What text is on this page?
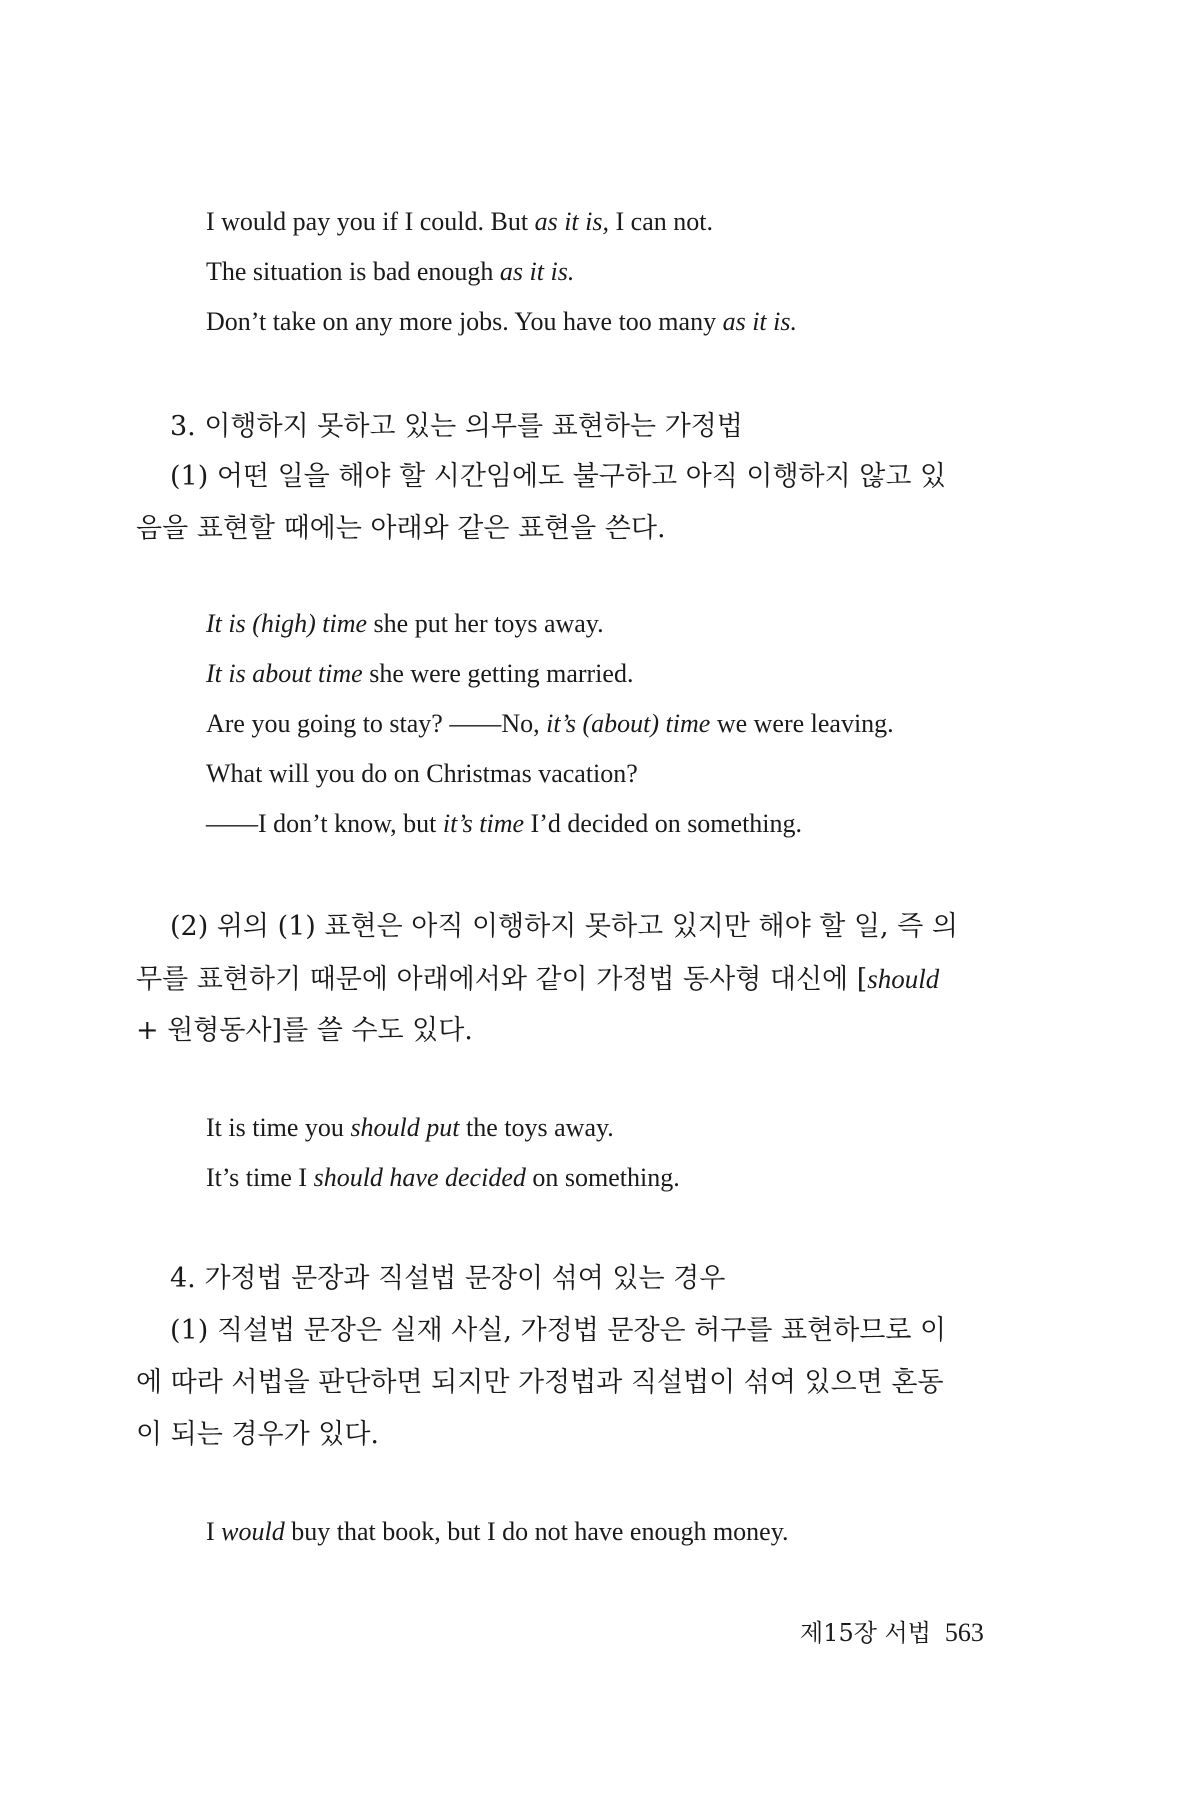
I would pay you if I could. But as it is, I can not.
The situation is bad enough as it is.
Don’t take on any more jobs. You have too many as it is.
3. 이행하지 못하고 있는 의무를 표현하는 가정법
(1) 어떤 일을 해야 할 시간임에도 불구하고 아직 이행하지 않고 있
음을 표현할 때에는 아래와 같은 표현을 쓴다.
It is (high) time she put her toys away.
It is about time she were getting married.
Are you going to stay? ——No, it’s (about) time we were leaving.
What will you do on Christmas vacation?
——I don’t know, but it’s time I’d decided on something.
(2) 위의 (1) 표현은 아직 이행하지 못하고 있지만 해야 할 일, 즉 의
무를 표현하기 때문에 아래에서와 같이 가정법 동사형 대신에 [should
+ 원형동사]를 쓸 수도 있다.
It is time you should put the toys away.
It’s time I should have decided on something.
4. 가정법 문장과 직설법 문장이 섞여 있는 경우
(1) 직설법 문장은 실재 사실, 가정법 문장은 허구를 표현하므로 이
에 따라 서법을 판단하면 되지만 가정법과 직설법이 섞여 있으면 혼동
이 되는 경우가 있다.
I would buy that book, but I do not have enough money.
제15장 서법 563
